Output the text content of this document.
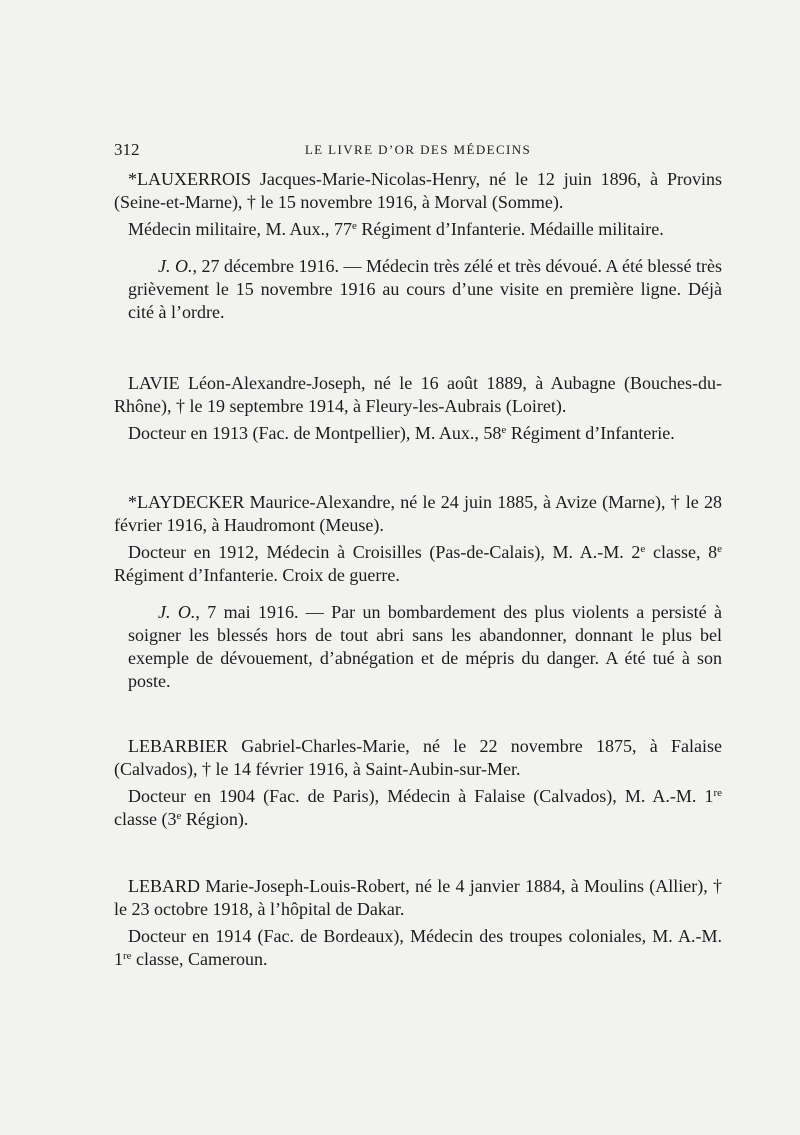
312	LE LIVRE D’OR DES MÉDECINS

*LAUXERROIS Jacques-Marie-Nicolas-Henry, né le 12 juin 1896, à Provins (Seine-et-Marne), † le 15 novembre 1916, à Morval (Somme).

Médecin militaire, M. Aux., 77e Régiment d’Infanterie. Médaille militaire.

J. O., 27 décembre 1916. — Médecin très zélé et très dévoué. A été blessé très grièvement le 15 novembre 1916 au cours d’une visite en première ligne. Déjà cité à l’ordre.

LAVIE Léon-Alexandre-Joseph, né le 16 août 1889, à Aubagne (Bouches-du-Rhône), † le 19 septembre 1914, à Fleury-les-Aubrais (Loiret).

Docteur en 1913 (Fac. de Montpellier), M. Aux., 58e Régiment d’Infanterie.

*LAYDECKER Maurice-Alexandre, né le 24 juin 1885, à Avize (Marne), † le 28 février 1916, à Haudromont (Meuse).

Docteur en 1912, Médecin à Croisilles (Pas-de-Calais), M. A.-M. 2e classe, 8e Régiment d’Infanterie. Croix de guerre.

J. O., 7 mai 1916. — Par un bombardement des plus violents a persisté à soigner les blessés hors de tout abri sans les abandonner, donnant le plus bel exemple de dévouement, d’abnégation et de mépris du danger. A été tué à son poste.

LEBARBIER Gabriel-Charles-Marie, né le 22 novembre 1875, à Falaise (Calvados), † le 14 février 1916, à Saint-Aubin-sur-Mer.

Docteur en 1904 (Fac. de Paris), Médecin à Falaise (Calvados), M. A.-M. 1re classe (3e Région).

LEBARD Marie-Joseph-Louis-Robert, né le 4 janvier 1884, à Moulins (Allier), † le 23 octobre 1918, à l’hôpital de Dakar.

Docteur en 1914 (Fac. de Bordeaux), Médecin des troupes coloniales, M. A.-M. 1re classe, Cameroun.
